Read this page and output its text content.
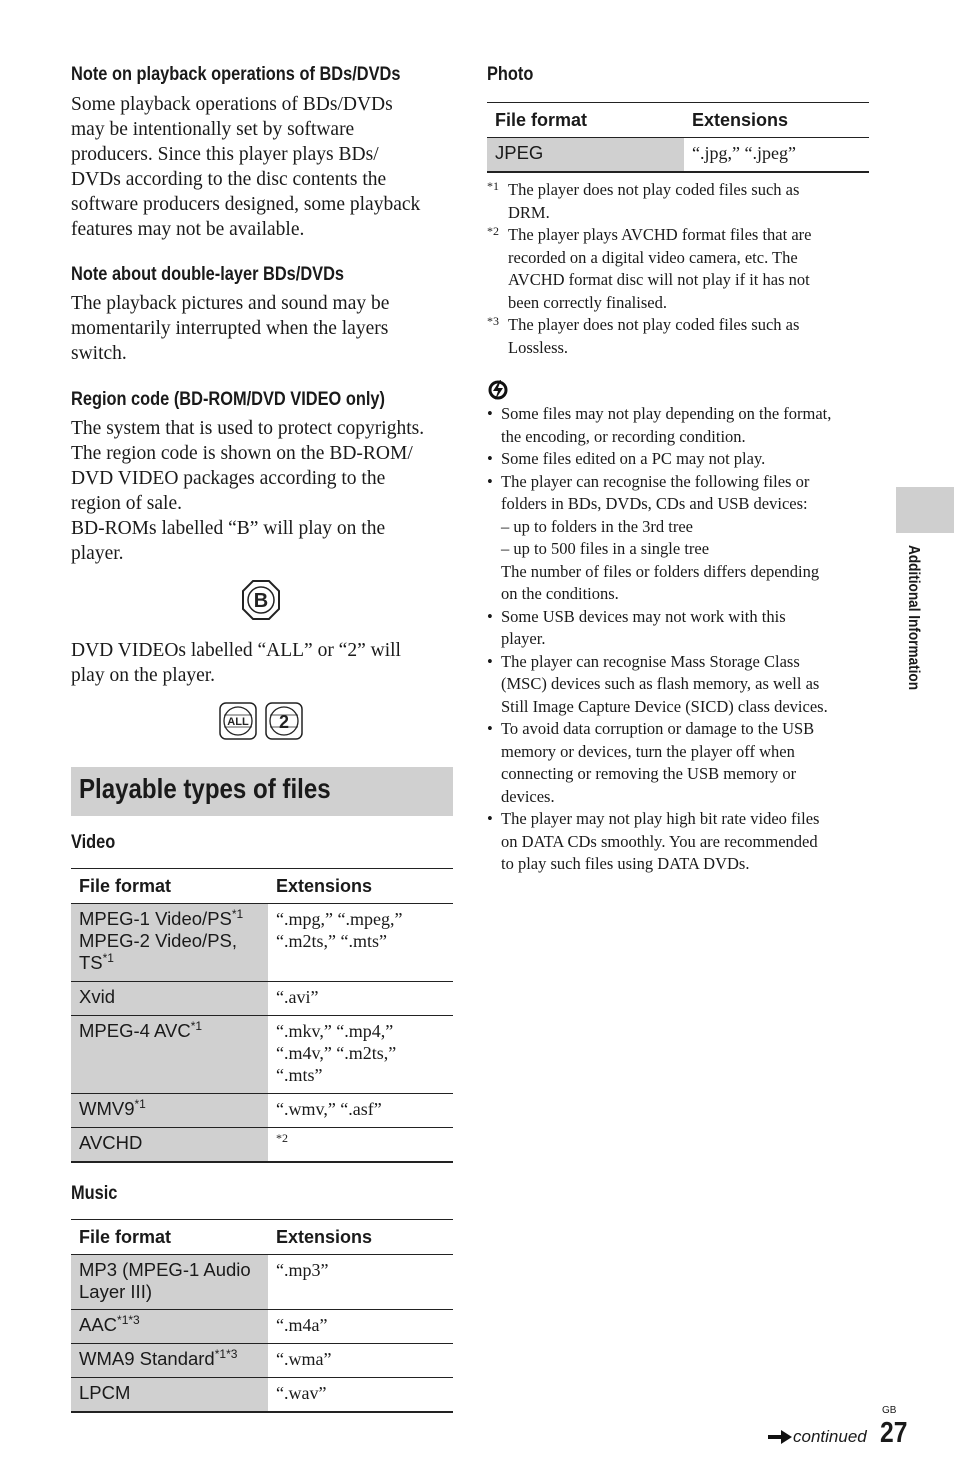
Note on playback operations of BDs/DVDs

Some playback operations of BDs/DVDs

may be intentionally set by software

producers. Since this player plays BDs/

DVDs according to the disc contents the

software producers designed, some playback

features may not be available.

Note about double-layer BDs/DVDs

The playback pictures and sound may be

momentarily interrupted when the layers

switch.

Region code (BD-ROM/DVD VIDEO only)

The system that is used to protect copyrights.

The region code is shown on the BD-ROM/

DVD VIDEO packages according to the

region of sale.

BD-ROMs labelled “B” will play on the

player.

B

DVD VIDEOs labelled “ALL” or “2” will

play on the player.

ALL 2
Playable types of files
Video
File format	Extensions
MPEG-1 Video/PS$^{*1}$
MPEG-2 Video/PS,
TS$^{*1}$	“.mpg,” “.mpeg,”
“.m2ts,” “.mts”
Xvid	“.avi”
MPEG-4 AVC$^{*1}$	“.mkv,” “.mp4,”
“.m4v,” “.m2ts,”
“.mts”
WMV9$^{*1}$	“.wmv,” “.asf”
AVCHD	$^{*2}$
Music
File format	Extensions
MP3 (MPEG-1 Audio
Layer III)	“.mp3”
$AAC^{*1*3}$	“.m4a”
WMA9 Standard$^{*1*3}$	“.wma”
LPCM	“.wav”
Photo
File format	Extensions
JPEG	“.jpg,” “.jpeg”
*1 The player does not play coded files such as
DRM.
*2 The player plays AVCHD format files that are
recorded on a digital video camera, etc. The
AVCHD format disc will not play if it has not
been correctly finalised.
*3 The player does not play coded files such as
Lossless.
• Some files may not play depending on the format,
the encoding, or recording condition.
• Some files edited on a PC may not play.
• The player can recognise the following files or
folders in BDs, DVDs, CDs and USB devices:
– up to folders in the 3rd tree
– up to 500 files in a single tree
The number of files or folders differs depending
on the conditions.
• Some USB devices may not work with this
player.
• The player can recognise Mass Storage Class
(MSC) devices such as flash memory, as well as
Still Image Capture Device (SICD) class devices.
• To avoid data corruption or damage to the USB
memory or devices, turn the player off when
connecting or removing the USB memory or
devices.
• The player may not play high bit rate video files
on DATA CDs smoothly. You are recommended
to play such files using DATA DVDs.
Additional Information
continued
GB
27
